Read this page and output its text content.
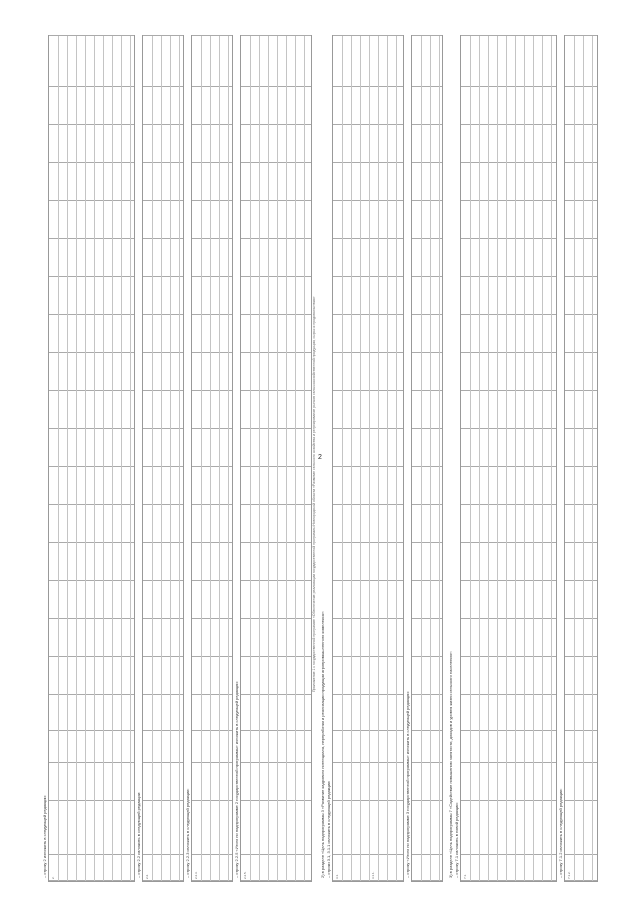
2
Приложение 1 к государственной программе «Обеспечение реализации государственной программы Новгородской области «Развитие сельского хозяйства и регулирование рынков сельскохозяйственной продукции, сырья и продовольствия»
– строку 2 изложить в следующей редакции: 2.	– строку 2.2 изложить в следующей редакции: 2.2.	– строку 2.2.3 изложить в следующей редакции: 2.2.3.	– строку 2.2.5 «Итого по подпрограмме 2 государственной программы» изложить в следующей редакции: 2.2.5.	2) в разделе «Цель подпрограммы 3 «Развитие кадрового потенциала, переработки и реализации продукции агропромышленного комплекса»: – строки 3.1, 3.1.1 изложить в следующей редакции: 3.1.	3.1.1.	– строку «Итого по подпрограмме 3 государственной программы» изложить в следующей редакции:	3) в разделе «Цель подпрограммы 7 «Содействие повышению занятости, доходов и уровня жизни сельского населения»: – строку 7.1 изложить в новой редакции: 7.1.	– строку 7.1.2 изложить в следующей редакции: 7.1.2.
